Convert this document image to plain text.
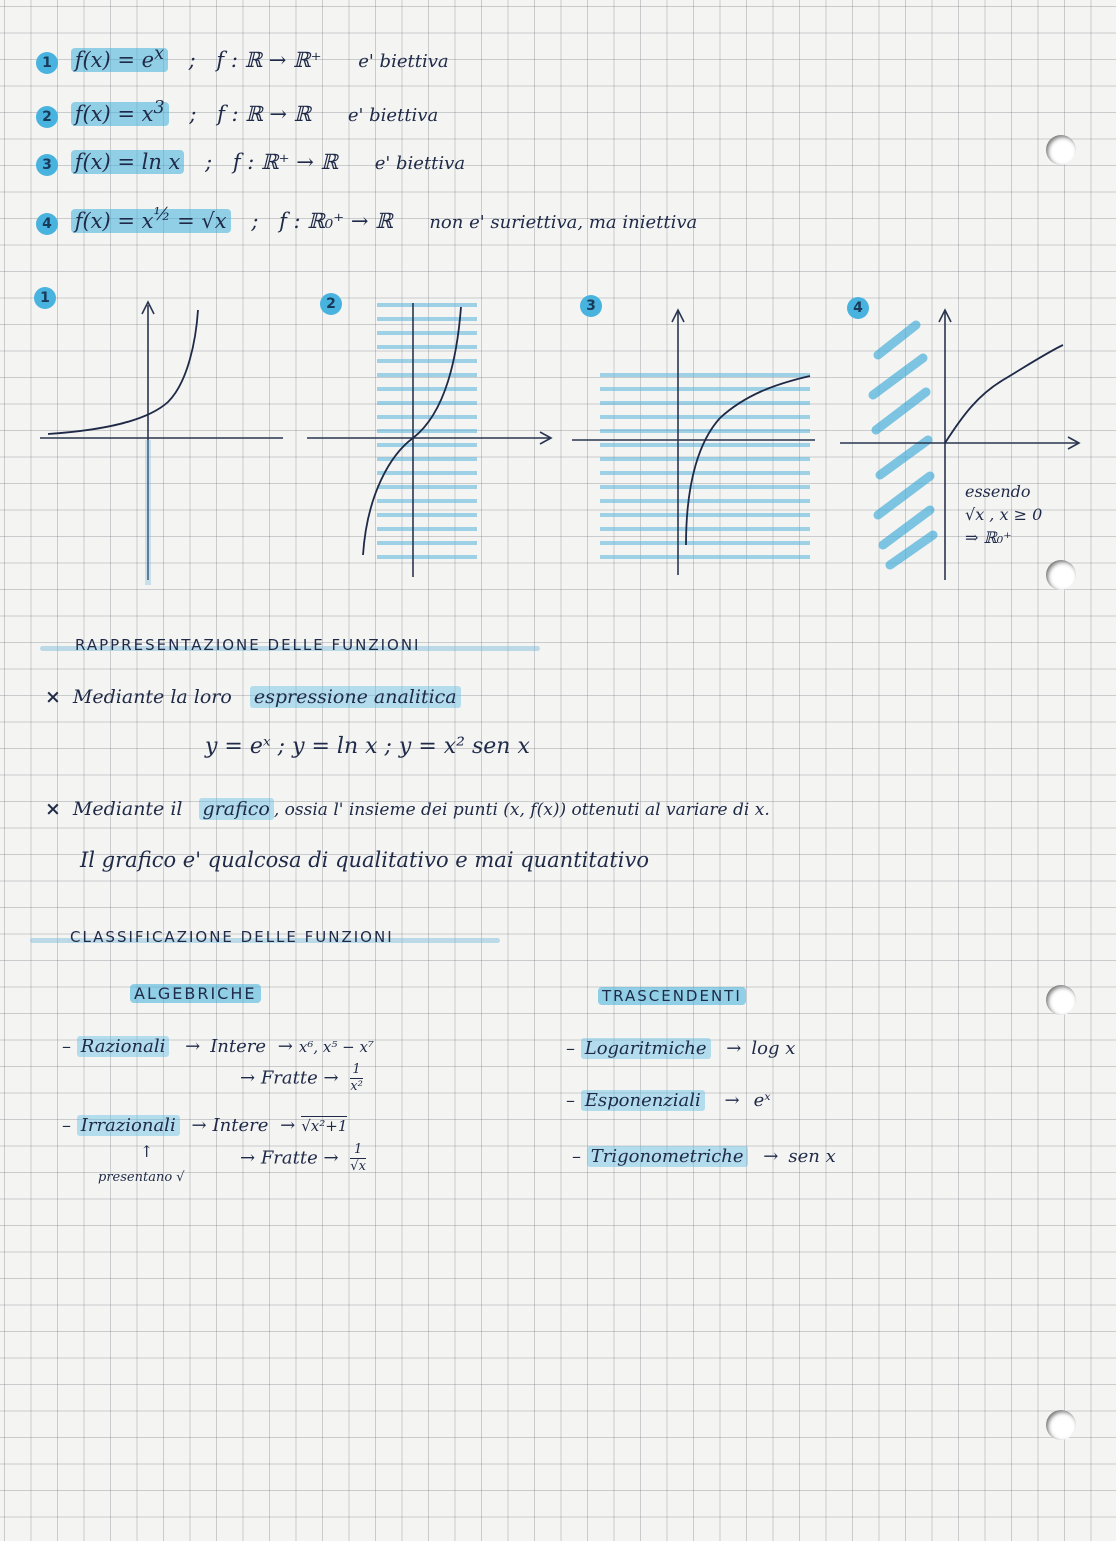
1 $f(x) = e^x$ ; f : ℝ → ℝ⁺ e' biettiva
2 $f(x) = x^3$ ; f : ℝ → ℝ e' biettiva
3 f(x) = ln x ; f : ℝ⁺ → ℝ e' biettiva
4 $f(x) = x^{\frac{1}{2}} = √x$ ; f : ℝ₀⁺ → ℝ non e' suriettiva, ma iniettiva
1	2	3	4
essendo
√x , x ≥ 0
⇒ ℝ₀⁺
RAPPRESENTAZIONE DELLE FUNZIONI
× Mediante la loro espressione analitica
y = eˣ ; y = ln x ; y = x² sen x
× Mediante il grafico , ossia l' insieme dei punti (x, f(x)) ottenuti al variare di x.
Il grafico e' qualcosa di qualitativo e mai quantitativo
CLASSIFICAZIONE DELLE FUNZIONI
ALGEBRICHE	TRASCENDENTI
– Razionali → Intere → x⁶, x⁵ − x⁷
→ Fratte → $\frac{1}{\text{x²}}$
– Irrazionali → Intere → √x²+1
→ Fratte → $\frac{1}{√x}$
↑
presentano √
– Logaritmiche → log x
– Esponenziali → eˣ
– Trigonometriche → sen x
